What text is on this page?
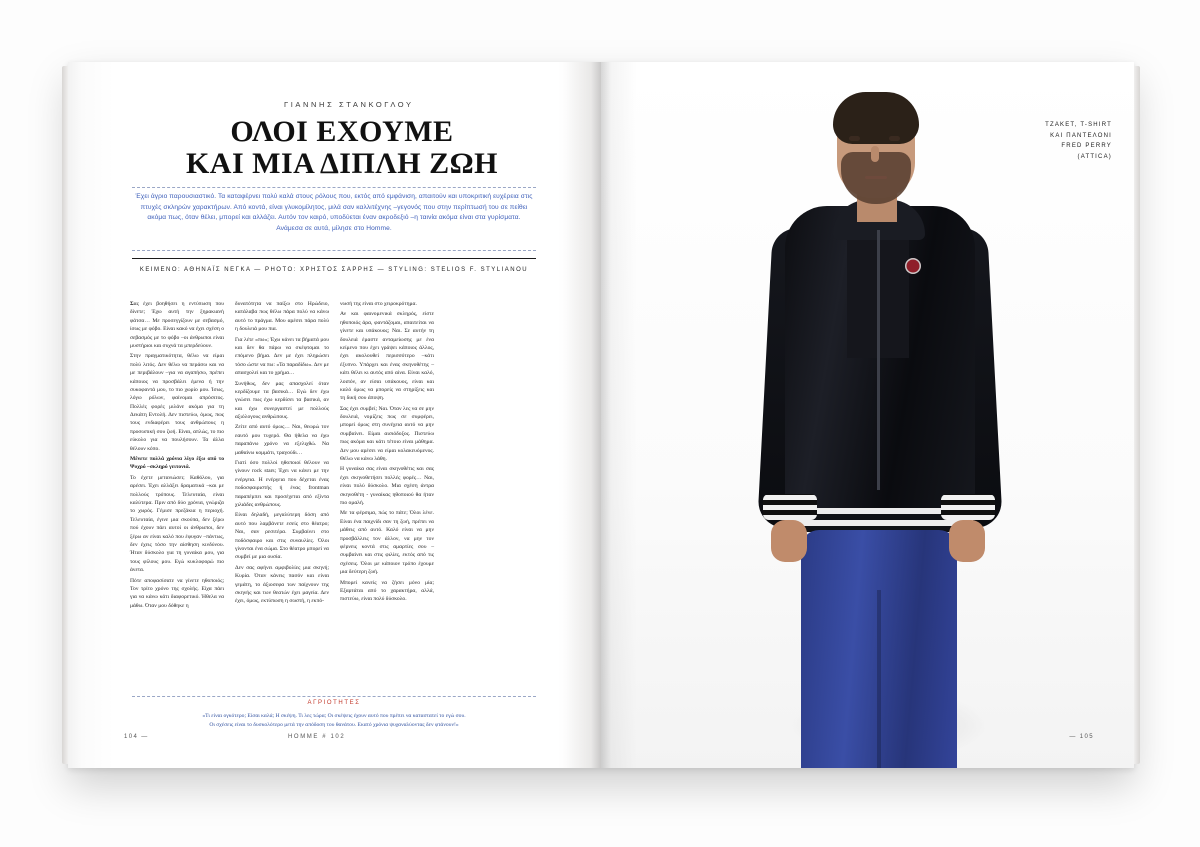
ΓΙΑΝΝΗΣ ΣΤΑΝΚΟΓΛΟΥ
ΟΛΟΙ ΕΧΟΥΜΕ
ΚΑΙ ΜΙΑ ΔΙΠΛΗ ΖΩΗ
Έχει άγριο παρουσιαστικό. Τα καταφέρνει πολύ καλά στους ρόλους που, εκτός από εμφάνιση, απαιτούν και υποκριτική ευχέρεια στις πτυχές σκληρών χαρακτήρων. Από κοντά, είναι γλυκομίλητος, μιλά σαν καλλιτέχνης –γεγονός που στην περίπτωσή του σε πείθει ακόμα πως, όταν θέλει, μπορεί και αλλάζει. Αυτόν τον καιρό, υποδύεται έναν ακροδεξιό –η ταινία ακόμα είναι στα γυρίσματα. Ανάμεσα σε αυτά, μίλησε στο Homme.
ΚΕΙΜΕΝΟ: ΑΘΗΝΑΪΣ ΝΕΓΚΑ — PHOTO: ΧΡΗΣΤΟΣ ΣΑΡΡΗΣ — STYLING: STELIOS F. STYLIANOU

Σας έχει βοηθήσει η εντύπωση που δίνετε; Έχω αυτή την ξηρακιανή φάτσα… Με προσεγγίζουν με σεβασμό, ίσως με φόβο. Είναι κακό να έχει σχέση ο σεβασμός με το φόβο –οι άνθρωποι είναι μυστήριοι και συχνά τα μπερδεύουν.

Στην πραγματικότητα, θέλω να είμαι πολύ λιτός. Δεν θέλω να περάσω και να με περιβάλουν –για να αγαπήσω, πρέπει κάποιος να προσβάλει έμενα ή την συκοφαντά μου, το πιο χωρίο μου. Ίσως, λόγω ρόλων, φαίνομαι απρόσιτος. Πολλές φορές μιλάνε ακόμα για τη Δεκάτη Εντολή. Δεν πιστεύω, όμως, πως τους ενδιαφέρει τους ανθρώπους η προσωπική σου ζωή. Είναι, απλώς, το πιο εύκολο για να πουλήσουν. Τα άλλα θέλουν κόπο.

Μένετε πολλά χρόνια λίγο έξω από το Ψυχρό –σκληρό γειτονιά.

Το έχετε μετανιώσει; Καθόλου, για αρέσει. Έχει αλλάξει δραματικά –και με πολλούς τρόπους. Τελευταία, είναι καλύτερα. Πριν από δύο χρόνια, γνώριζα το χωρός. Γέμισε πρεζάκια η περιοχή. Τελευταία, έγινε μια σκούπα, δεν ξέρω πού έχουν πάει αυτοί οι άνθρωποι, δεν ξέρω αν είναι καλό που έφυγαν –πάντως, δεν έχεις τόσο την αίσθηση κινδύνου. Ήταν δύσκολο για τη γυναίκα μου, για τους φίλους μου. Εγώ κυκλοφορώ πιο άνετα.

Πότε αποφασίσατε να γίνετε ηθοποιός; Τον τρίτο χρόνο της σχολής. Είχα πάει για να κάνω κάτι διαφορετικό. Ήθελα να μάθω. Όταν μου δόθηκε η

δυνατότητα να παίξω στο Ηρώδειο, κατάλαβα πως θέλω πάρα πολύ να κάνω αυτό το πράγμα. Μου αρέσει πάρα πολύ η δουλειά μου πια.

Για λέτε «πω»; Έχω κάνει τα βήματά μου και δεν θα πάρω να σκέφτομαι το επόμενο βήμα. Δεν με έχει πληρώσει τόσο ώστε να πω: «Τα παραδίδω». Δεν με απασχολεί και το χρήμα…

Συνήθως, δεν μας απασχολεί όταν κερδίζουμε τα βασικά… Εγώ δεν έχω γνώσει πως έχω κερδίσει τα βασικά, αν και έχω συνεργαστεί με πολλούς αξιόλογους ανθρώπους.

Ζείτε από αυτό όμως… Ναι, θεωρώ τον εαυτό μου τυχερό. Θα ήθελα να έχω παραπάνω χρόνο να εξελιχθώ. Να μαθαίνω κομμάτι, τραγούδι…

Γιατί όσο πολλοί ηθοποιοί θέλουν να γίνουν rock stars; Έχει να κάνει με την ενέργεια. Η ενέργεια που δέχεται ένας ποδοσφαιριστής ή ένας frontman παραπέμπει και προσέχεται από εξίντα χιλιάδες ανθρώπους.

Είναι δηλαδή, μεγαλύτερη δόση από αυτό που λαμβάνετε εσείς στο θέατρο; Ναι, σαν ρεσιτέρα. Συμβαίνει στο ποδόσφαιρο και στις συναυλίες. Όλοι γίνονται ένα σώμα. Στο θέατρο μπορεί να συμβεί με μια ουσία.

Δεν σας αφήνει αμφιβολίες μια σκηνή; Κυρία. Όταν κάνεις πασόν και είναι γεμάτη, το άξιοσεφα των παίχνουν της σκηνής και των θεατών έχει μαγεία. Δεν έχει, όμως, εκτύπωση η σωστή, η εκπό-

νωσή της είναι στο χειροκρότημα.

Αν και φαινομενικά σκληρός, είστε ηθοποιός άρα, φαντάζομαι, απαιτείται να γίνετε και υπάκουος; Ναι. Σε αυτήν τη δουλειά έμαστε ανταμείωσης με ένα κείμενο που έχει γράψει κάποιος άλλος, έχει ακολουθεί περισσότερο –κάτι έξυπνο. Υπάρχει και ένας σκηνοθέτης –κάτι θέλει κι αυτός από αίνα. Είναι καλό, λοιπόν, αν είσαι υπάκουος, είναι και καλό όμως να μπορείς να στηρίξεις και τη δική σου άποψη.

Σας έχει συμβεί; Ναι. Όταν λες να σε μην δουλειά, νομίζεις πως σε συμφέρει, μπορεί όμως στη συνέχεια αυτό να μην συμβαίνει. Είμαι αισιόδοξος. Πιστεύω πως ακόμα και κάτι τέτοιο είναι μάθημα. Δεν μου αρέσει να είμαι κολακευόμενος. Θέλω να κάνω λάθη.

Η γυναίκα σας είναι σκηνοθέτις και σας έχει σκηνοθετήσει πολλές φορές… Ναι, είναι πολύ δύσκολο. Μια σχέση άντρα σκηνοθέτη - γυναίκας ηθοποιού θα ήταν πιο ομαλή.

Με τα φέρσιμα, πώς το πάτε; Όλοι λένε. Είναι ένα παιχνίδι σαν τη ζωή, πρέπει να μάθεις από αυτό. Καλό είναι να μην προσβάλλεις τον άλλον, να μην τον φέρνεις κοντά στις αμαρτίες σου –συμβαίνει και στις φιλίες, εκτός από τις σχέσεις. Όλοι με κάποιον τρόπο έχουμε μια δεύτερη ζωή.

Μπορεί κανείς να ζήσει μόνο μία; Εξαρτάται από το χαρακτήρα, αλλά, πιστεύω, είναι πολύ δύσκολο.

ΑΓΡΙΟΤΗΤΕΣ
«Τι είναι ογκότερο; Είσαι καλά; Η σκέψη. Τι λες τώρα; Οι σκέψεις έχουν αυτό που πρέπει να καταστατεί το εγώ σου.
Οι σχέσεις είναι το δυσκολότερο μετά την απόδοση του θανάτου. Εκατό χρόνια ψυχαναλύοντας δεν φτάνουν!»
104 —	HOMME # 102
ΤΖΑΚΕΤ, T-SHIRT
ΚΑΙ ΠΑΝΤΕΛΟΝΙ
FRED PERRY
(ATTICA)
— 105
